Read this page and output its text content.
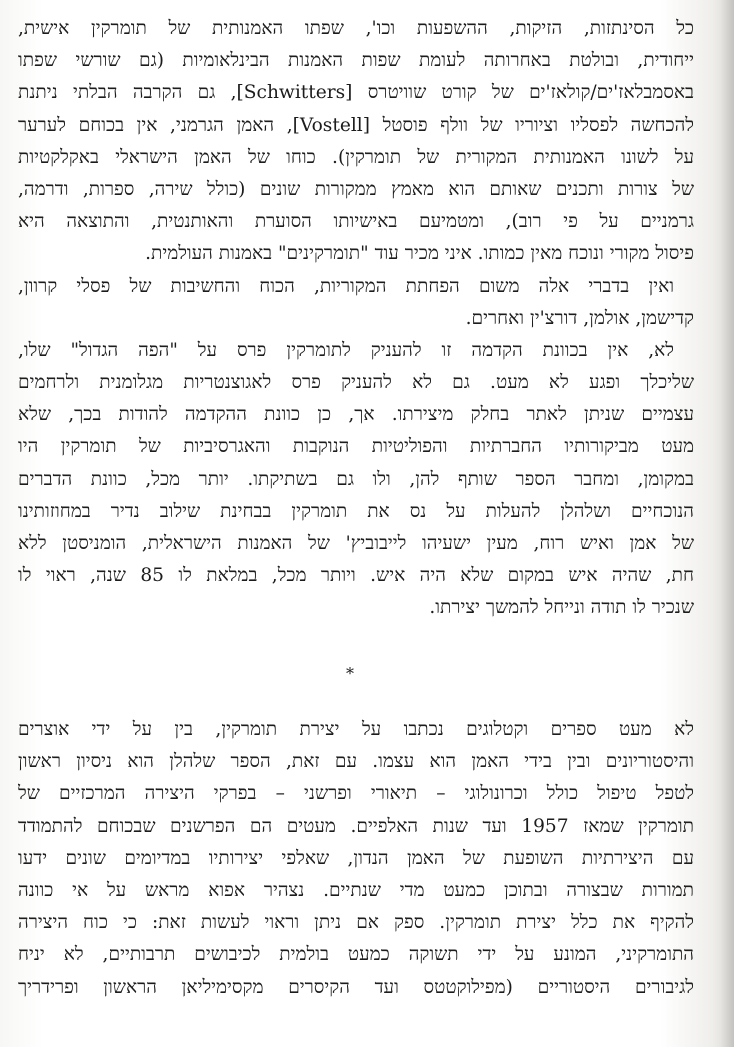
כל הסינתזות, הזיקות, ההשפעות וכו', שפתו האמנותית של תומרקין אישית,
ייחודית, ובולטת באחרותה לעומת שפות האמנות הבינלאומיות (גם שורשי שפתו
באסמבלאז'ים/קולאז'ים של קורט שוויטרס [Schwitters], גם הקרבה הבלתי ניתנת
להכחשה לפסליו וציוריו של וולף פוסטל [Vostell], האמן הגרמני, אין בכוחם לערער
על לשונו האמנותית המקורית של תומרקין). כוחו של האמן הישראלי באקלקטיות
של צורות ותכנים שאותם הוא מאמץ ממקורות שונים (כולל שירה, ספרות, ודרמה,
גרמניים על פי רוב), ומטמיעם באישיותו הסוערת והאותנטית, והתוצאה היא
פיסול מקורי ונוכח מאין כמותו. איני מכיר עוד "תומרקינים" באמנות העולמית.
ואין בדברי אלה משום הפחתת המקוריות, הכוח והחשיבות של פסלי קרוון,
קדישמן, אולמן, דורצ'ין ואחרים.
לא, אין בכוונת הקדמה זו להעניק לתומרקין פרס על "הפה הגדול" שלו,
שליכלך ופגע לא מעט. גם לא להעניק פרס לאגוצנטריות מגלומנית ולרחמים
עצמיים שניתן לאתר בחלק מיצירתו. אך, כן כוונת ההקדמה להודות בכך, שלא
מעט מביקורותיו החברתיות והפוליטיות הנוקבות והאגרסיביות של תומרקין היו
במקומן, ומחבר הספר שותף להן, ולו גם בשתיקתו. יותר מכל, כוונת הדברים
הנוכחיים ושלהלן להעלות על נס את תומרקין בבחינת שילוב נדיר במחוזותינו
של אמן ואיש רוח, מעין ישעיהו לייבוביץ' של האמנות הישראלית, הומניסטן ללא
חת, שהיה איש במקום שלא היה איש. ויותר מכל, במלאת לו 85 שנה, ראוי לו
שנכיר לו תודה ונייחל להמשך יצירתו.
*
לא מעט ספרים וקטלוגים נכתבו על יצירת תומרקין, בין על ידי אוצרים
והיסטוריונים ובין בידי האמן הוא עצמו. עם זאת, הספר שלהלן הוא ניסיון ראשון
לטפל טיפול כולל וכרונולוגי – תיאורי ופרשני – בפרקי היצירה המרכזיים של
תומרקין שמאז 1957 ועד שנות האלפיים. מעטים הם הפרשנים שבכוחם להתמודד
עם היצירתיות השופעת של האמן הנדון, שאלפי יצירותיו במדיומים שונים ידעו
תמורות שבצורה ובתוכן כמעט מדי שנתיים. נצהיר אפוא מראש על אי כוונה
להקיף את כלל יצירת תומרקין. ספק אם ניתן וראוי לעשות זאת: כי כוח היצירה
התומרקיני, המונע על ידי תשוקה כמעט בולמית לכיבושים תרבותיים, לא יניח
לגיבורים היסטוריים (מפילוקטטס ועד הקיסרים מקסימיליאן הראשון ופרידריך
